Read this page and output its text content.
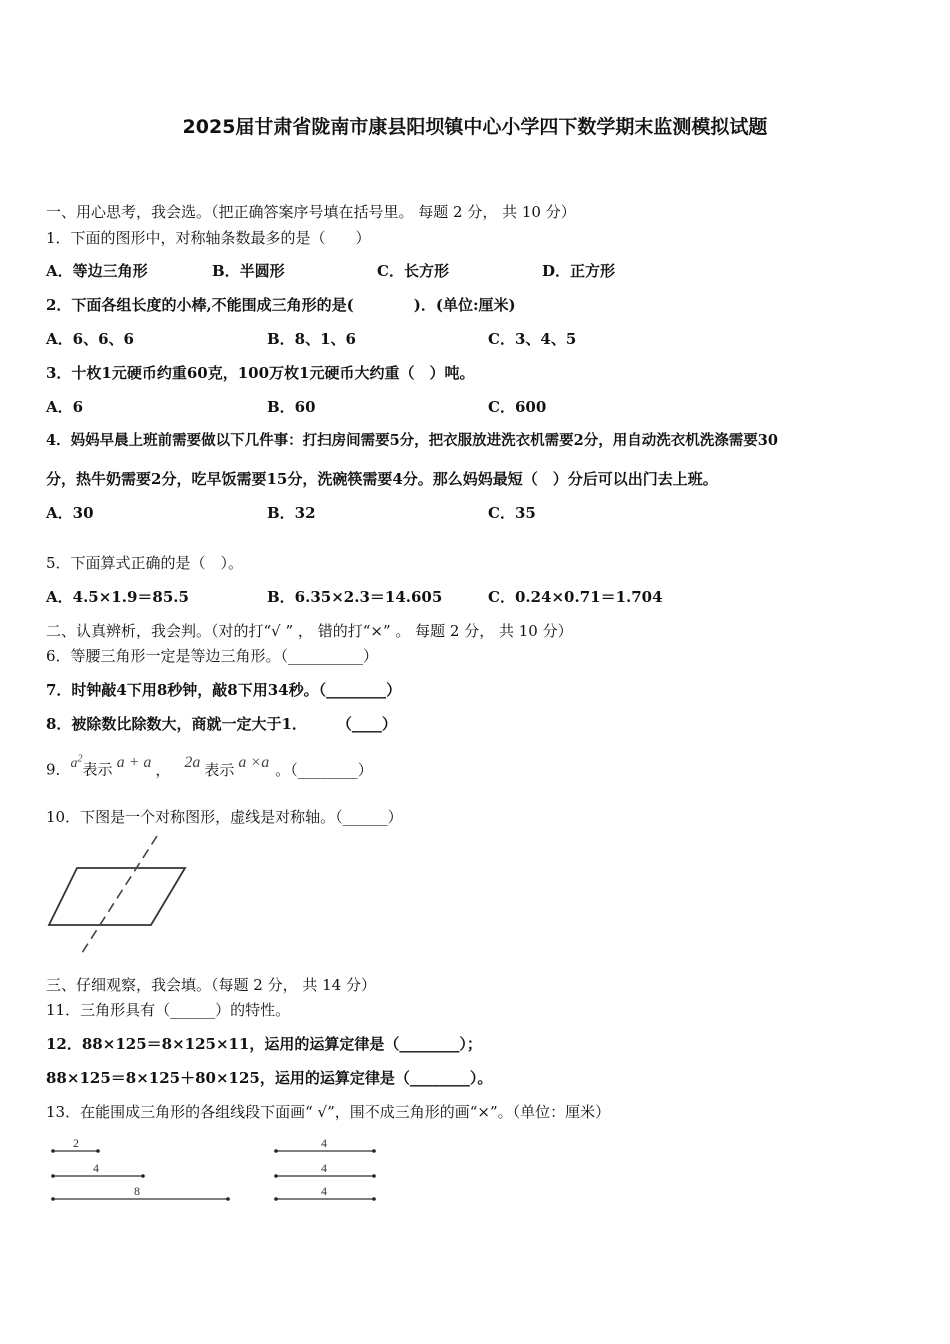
2025届甘肃省陇南市康县阳坝镇中心小学四下数学期末监测模拟试题
一、用心思考，我会选。（把正确答案序号填在括号里。 每题 2 分， 共 10 分）
1．下面的图形中，对称轴条数最多的是（　　）
A．等边三角形	B．半圆形	C．长方形	D．正方形
2．下面各组长度的小棒,不能围成三角形的是(　　　　)．(单位:厘米)
A．6、6、6	B．8、1、6	C．3、4、5
3．十枚1元硬币约重60克，100万枚1元硬币大约重（　）吨。
A．6	B．60	C．600
4．妈妈早晨上班前需要做以下几件事：打扫房间需要5分，把衣服放进洗衣机需要2分，用自动洗衣机洗涤需要30
分，热牛奶需要2分，吃早饭需要15分，洗碗筷需要4分。那么妈妈最短（　）分后可以出门去上班。
A．30	B．32	C．35
5．下面算式正确的是（　）。
A．4.5×1.9＝85.5	B．6.35×2.3＝14.605	C．0.24×0.71＝1.704
二、认真辨析，我会判。（对的打“√ ” ， 错的打“×” 。 每题 2 分， 共 10 分）
6．等腰三角形一定是等边三角形。（__________）
7．时钟敲4下用8秒钟，敲8下用34秒。（________）
8．被除数比除数大，商就一定大于1．　　　（____）
9．$a^2$表示 a + a ， 2a 表示 a ×a 。（________）
10．下图是一个对称图形，虚线是对称轴。（______）
三、仔细观察，我会填。（每题 2 分， 共 14 分）
11．三角形具有（______）的特性。
12．88×125＝8×125×11，运用的运算定律是（________）；
88×125＝8×125＋80×125，运用的运算定律是（________）。
13．在能围成三角形的各组线段下面画“ √”，围不成三角形的画“×”。（单位：厘米）
2
4
8
4
4
4
